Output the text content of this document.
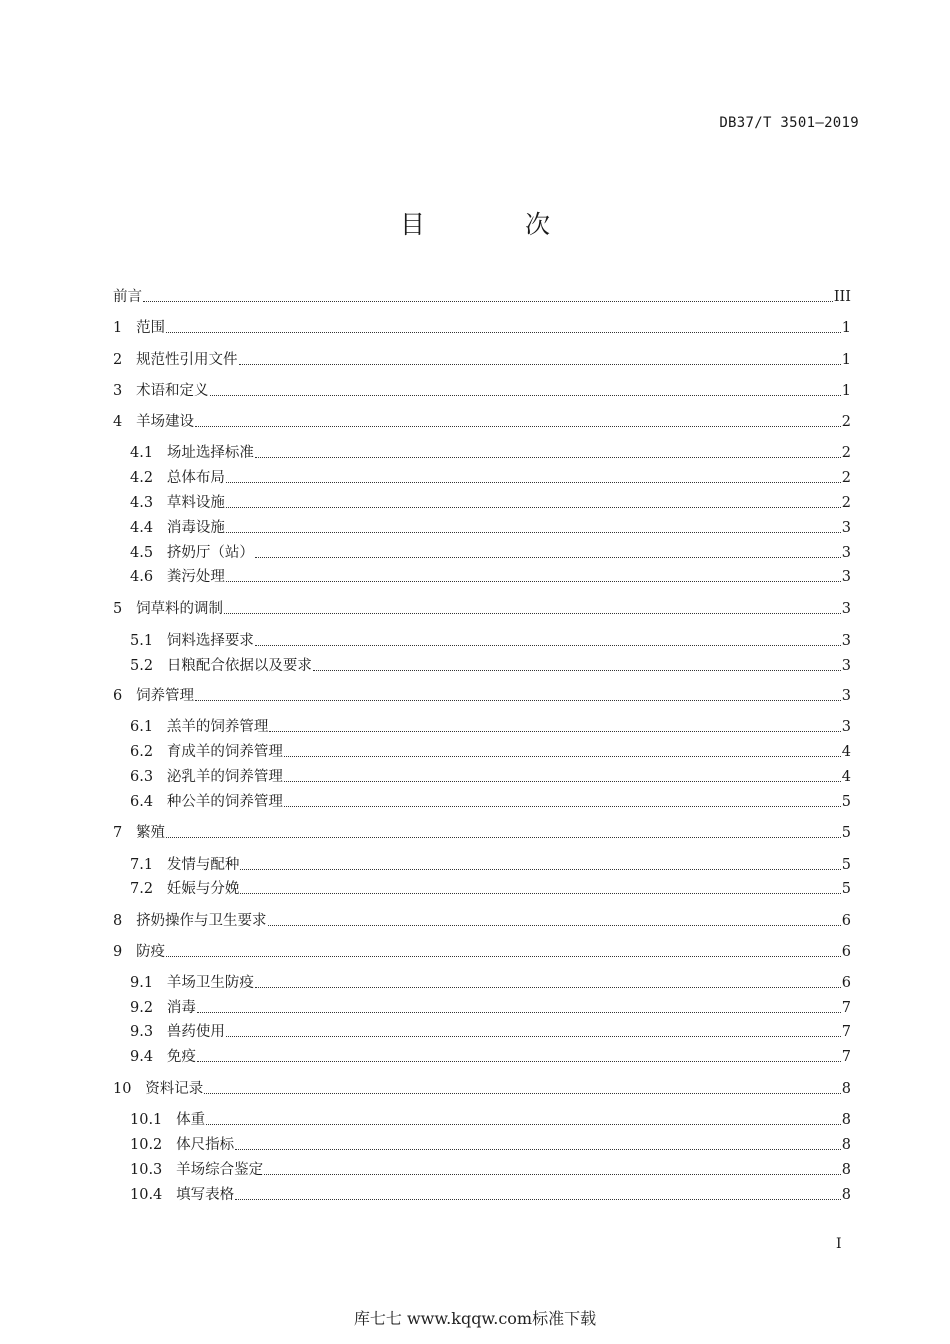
DB37/T 3501—2019
目 次
前言	III
1 范围	1
2 规范性引用文件	1
3 术语和定义	1
4 羊场建设	2
4.1 场址选择标准	2
4.2 总体布局	2
4.3 草料设施	2
4.4 消毒设施	3
4.5 挤奶厅（站）	3
4.6 粪污处理	3
5 饲草料的调制	3
5.1 饲料选择要求	3
5.2 日粮配合依据以及要求	3
6 饲养管理	3
6.1 羔羊的饲养管理	3
6.2 育成羊的饲养管理	4
6.3 泌乳羊的饲养管理	4
6.4 种公羊的饲养管理	5
7 繁殖	5
7.1 发情与配种	5
7.2 妊娠与分娩	5
8 挤奶操作与卫生要求	6
9 防疫	6
9.1 羊场卫生防疫	6
9.2 消毒	7
9.3 兽药使用	7
9.4 免疫	7
10 资料记录	8
10.1 体重	8
10.2 体尺指标	8
10.3 羊场综合鉴定	8
10.4 填写表格	8
I
库七七 www.kqqw.com标准下载
